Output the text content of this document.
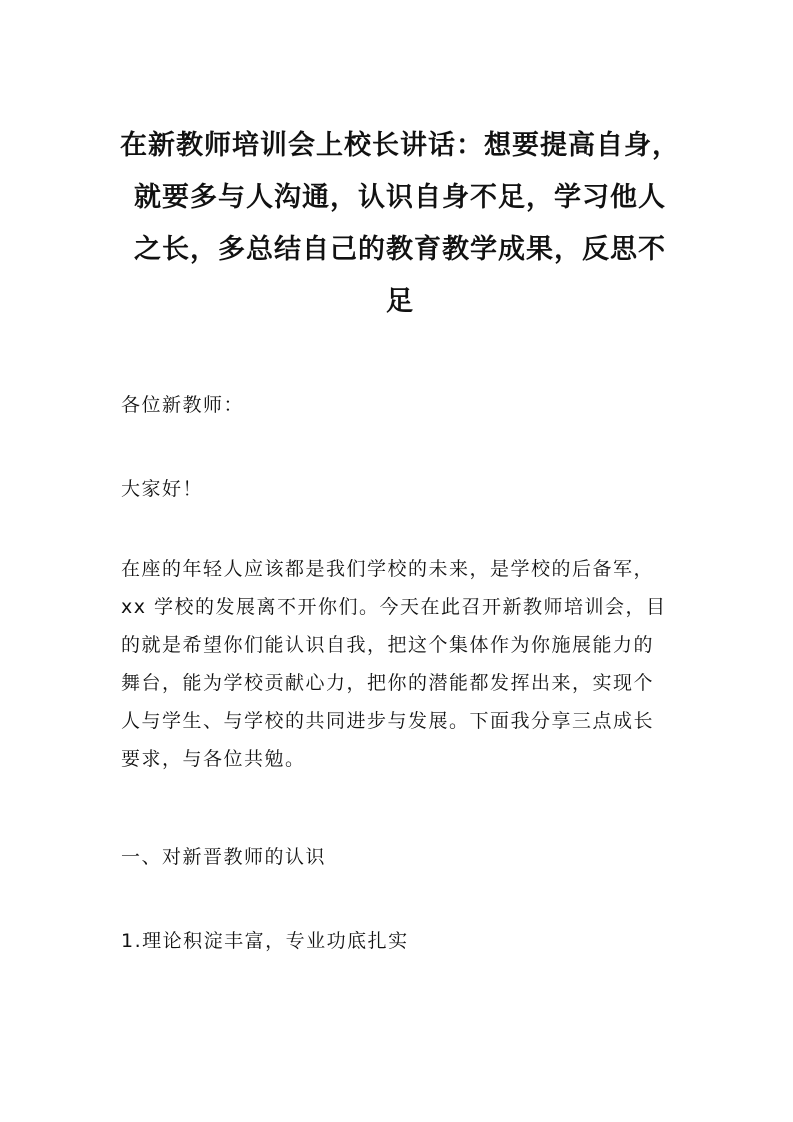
在新教师培训会上校长讲话：想要提高自身，
就要多与人沟通，认识自身不足，学习他人
之长，多总结自己的教育教学成果，反思不
足

各位新教师：

大家好！

在座的年轻人应该都是我们学校的未来，是学校的后备军，
xx 学校的发展离不开你们。今天在此召开新教师培训会，目
的就是希望你们能认识自我，把这个集体作为你施展能力的
舞台，能为学校贡献心力，把你的潜能都发挥出来，实现个
人与学生、与学校的共同进步与发展。下面我分享三点成长
要求，与各位共勉。

一、对新晋教师的认识

1.理论积淀丰富，专业功底扎实
